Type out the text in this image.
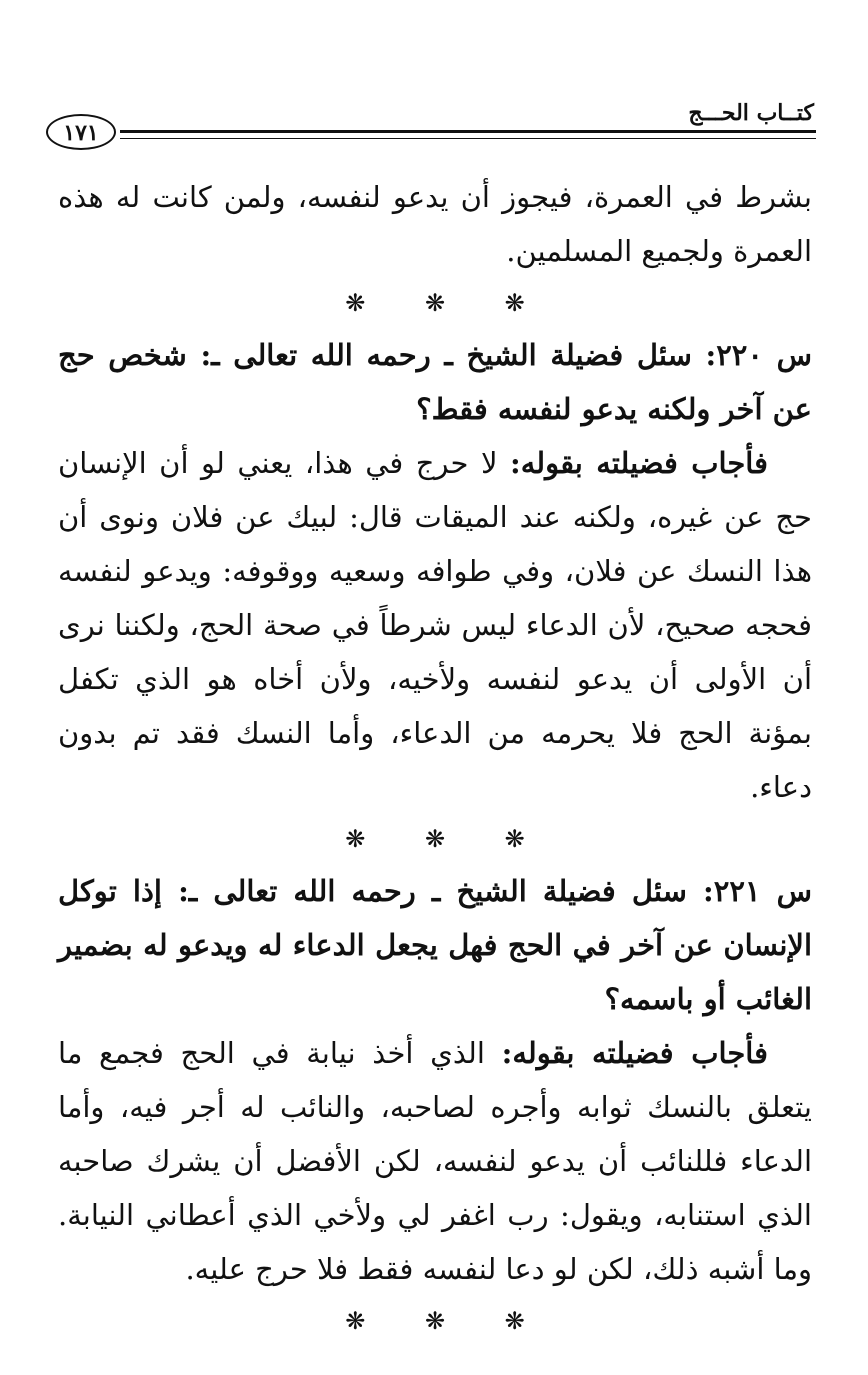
كتــاب الحـــج
١٧١

بشرط في العمرة، فيجوز أن يدعو لنفسه، ولمن كانت له هذه العمرة ولجميع المسلمين.

❋ ❋ ❋

س ٢٢٠: سئل فضيلة الشيخ ـ رحمه الله تعالى ـ: شخص حج عن آخر ولكنه يدعو لنفسه فقط؟

فأجاب فضيلته بقوله: لا حرج في هذا، يعني لو أن الإنسان حج عن غيره، ولكنه عند الميقات قال: لبيك عن فلان ونوى أن هذا النسك عن فلان، وفي طوافه وسعيه ووقوفه: ويدعو لنفسه فحجه صحيح، لأن الدعاء ليس شرطاً في صحة الحج، ولكننا نرى أن الأولى أن يدعو لنفسه ولأخيه، ولأن أخاه هو الذي تكفل بمؤنة الحج فلا يحرمه من الدعاء، وأما النسك فقد تم بدون دعاء.

❋ ❋ ❋

س ٢٢١: سئل فضيلة الشيخ ـ رحمه الله تعالى ـ: إذا توكل الإنسان عن آخر في الحج فهل يجعل الدعاء له ويدعو له بضمير الغائب أو باسمه؟

فأجاب فضيلته بقوله: الذي أخذ نيابة في الحج فجمع ما يتعلق بالنسك ثوابه وأجره لصاحبه، والنائب له أجر فيه، وأما الدعاء فللنائب أن يدعو لنفسه، لكن الأفضل أن يشرك صاحبه الذي استنابه، ويقول: رب اغفر لي ولأخي الذي أعطاني النيابة. وما أشبه ذلك، لكن لو دعا لنفسه فقط فلا حرج عليه.

❋ ❋ ❋
